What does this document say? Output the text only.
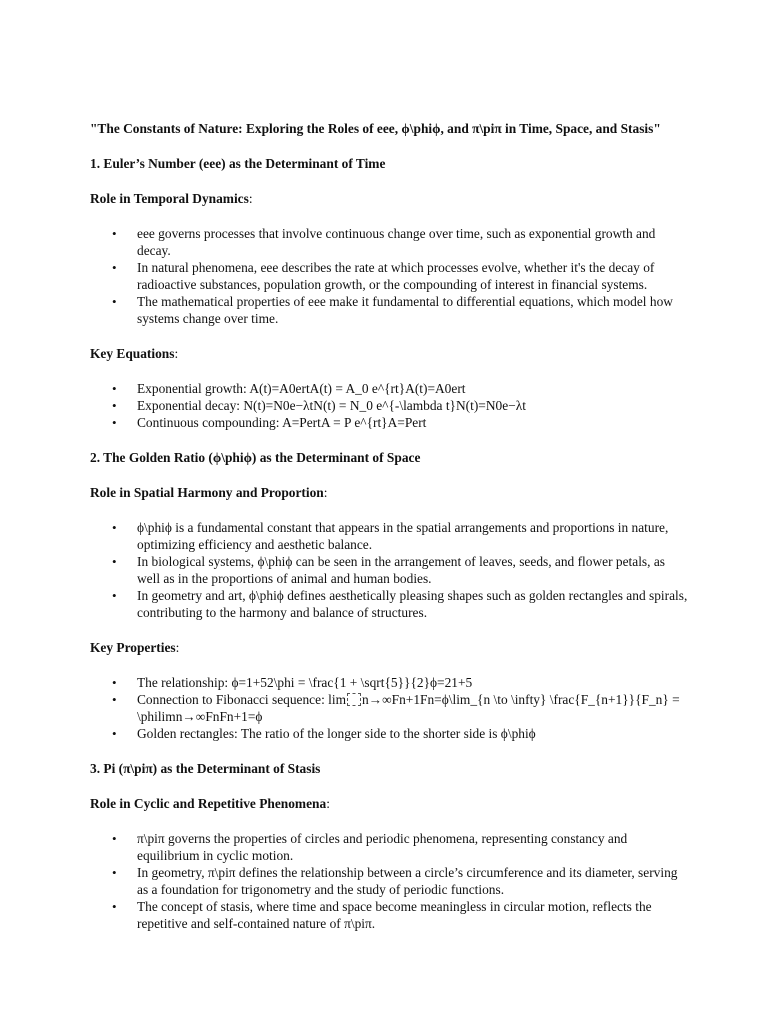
"The Constants of Nature: Exploring the Roles of eee, ϕ\phiϕ, and π\piπ in Time, Space, and Stasis"

1. Euler’s Number (eee) as the Determinant of Time

Role in Temporal Dynamics:

• eee governs processes that involve continuous change over time, such as exponential growth and decay.
• In natural phenomena, eee describes the rate at which processes evolve, whether it's the decay of radioactive substances, population growth, or the compounding of interest in financial systems.
• The mathematical properties of eee make it fundamental to differential equations, which model how systems change over time.

Key Equations:

• Exponential growth: A(t)=A0ertA(t) = A_0 e^{rt}A(t)=A0ert
• Exponential decay: N(t)=N0e−λtN(t) = N_0 e^{-\lambda t}N(t)=N0e−λt
• Continuous compounding: A=PertA = P e^{rt}A=Pert

2. The Golden Ratio (ϕ\phiϕ) as the Determinant of Space

Role in Spatial Harmony and Proportion:

• ϕ\phiϕ is a fundamental constant that appears in the spatial arrangements and proportions in nature, optimizing efficiency and aesthetic balance.
• In biological systems, ϕ\phiϕ can be seen in the arrangement of leaves, seeds, and flower petals, as well as in the proportions of animal and human bodies.
• In geometry and art, ϕ\phiϕ defines aesthetically pleasing shapes such as golden rectangles and spirals, contributing to the harmony and balance of structures.

Key Properties:

• The relationship: ϕ=1+52\phi = \frac{1 + \sqrt{5}}{2}ϕ=21+5
• Connection to Fibonacci sequence: lim n→∞Fn+1Fn=ϕ\lim_{n \to \infty} \frac{F_{n+1}}{F_n} = \philimn→∞FnFn+1=ϕ
• Golden rectangles: The ratio of the longer side to the shorter side is ϕ\phiϕ

3. Pi (π\piπ) as the Determinant of Stasis

Role in Cyclic and Repetitive Phenomena:

• π\piπ governs the properties of circles and periodic phenomena, representing constancy and equilibrium in cyclic motion.
• In geometry, π\piπ defines the relationship between a circle’s circumference and its diameter, serving as a foundation for trigonometry and the study of periodic functions.
• The concept of stasis, where time and space become meaningless in circular motion, reflects the repetitive and self-contained nature of π\piπ.
